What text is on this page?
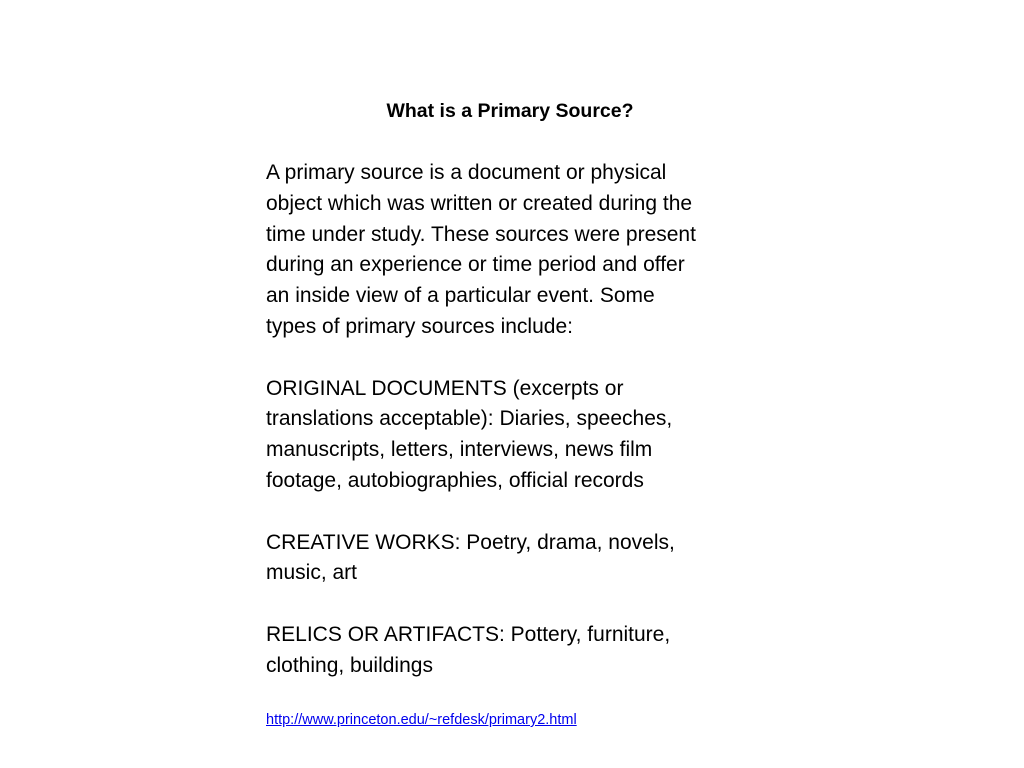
What is a Primary Source?

A primary source is a document or physical
object which was written or created during the
time under study. These sources were present
during an experience or time period and offer
an inside view of a particular event. Some
types of primary sources include:

ORIGINAL DOCUMENTS (excerpts or
translations acceptable): Diaries, speeches,
manuscripts, letters, interviews, news film
footage, autobiographies, official records

CREATIVE WORKS: Poetry, drama, novels,
music, art

RELICS OR ARTIFACTS: Pottery, furniture,
clothing, buildings

http://www.princeton.edu/~refdesk/primary2.html
